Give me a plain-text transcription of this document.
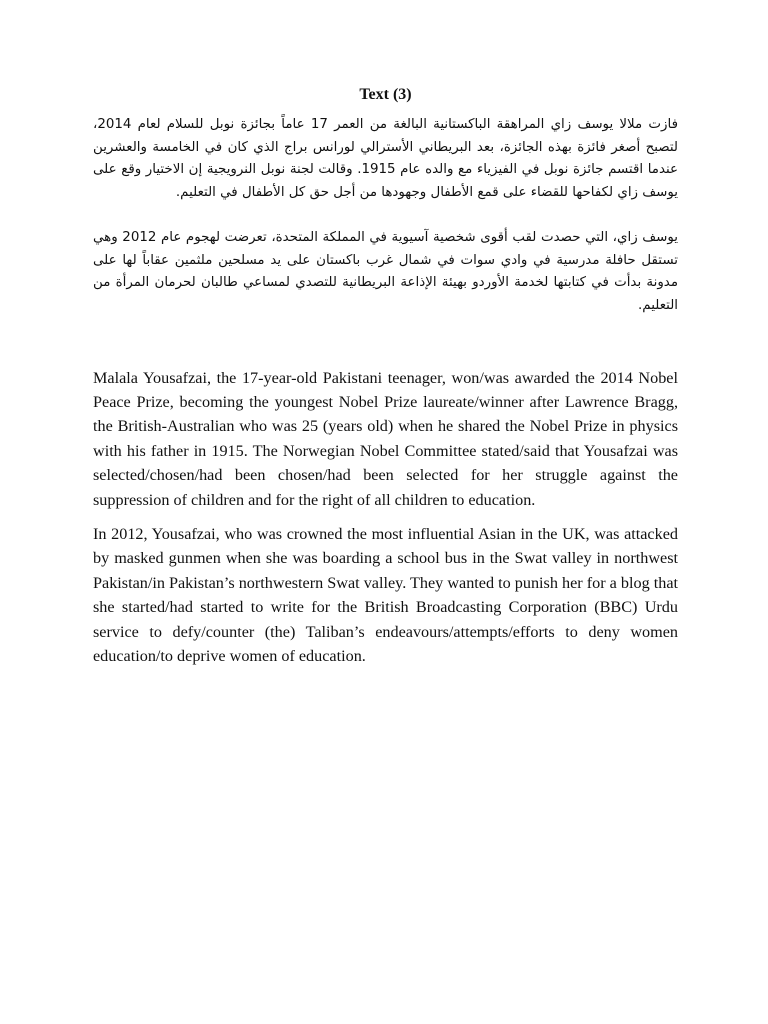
Text (3)

فازت ملالا يوسف زاي المراهقة الباكستانية البالغة من العمر 17 عاماً بجائزة نوبل للسلام لعام 2014، لتصبح أصغر فائزة بهذه الجائزة، بعد البريطاني الأسترالي لورانس براج الذي كان في الخامسة والعشرين عندما اقتسم جائزة نوبل في الفيزياء مع والده عام 1915. وقالت لجنة نوبل النرويجية إن الاختيار وقع على يوسف زاي لكفاحها للقضاء على قمع الأطفال وجهودها من أجل حق كل الأطفال في التعليم.

يوسف زاي، التي حصدت لقب أقوى شخصية آسيوية في المملكة المتحدة، تعرضت لهجوم عام 2012 وهي تستقل حافلة مدرسية في وادي سوات في شمال غرب باكستان على يد مسلحين ملثمين عقاباً لها على مدونة بدأت في كتابتها لخدمة الأوردو بهيئة الإذاعة البريطانية للتصدي لمساعي طالبان لحرمان المرأة من التعليم.

Malala Yousafzai, the 17-year-old Pakistani teenager, won/was awarded the 2014 Nobel Peace Prize, becoming the youngest Nobel Prize laureate/winner after Lawrence Bragg, the British-Australian who was 25 (years old) when he shared the Nobel Prize in physics with his father in 1915. The Norwegian Nobel Committee stated/said that Yousafzai was selected/chosen/had been chosen/had been selected for her struggle against the suppression of children and for the right of all children to education.

In 2012, Yousafzai, who was crowned the most influential Asian in the UK, was attacked by masked gunmen when she was boarding a school bus in the Swat valley in northwest Pakistan/in Pakistan’s northwestern Swat valley. They wanted to punish her for a blog that she started/had started to write for the British Broadcasting Corporation (BBC) Urdu service to defy/counter (the) Taliban’s endeavours/attempts/efforts to deny women education/to deprive women of education.
